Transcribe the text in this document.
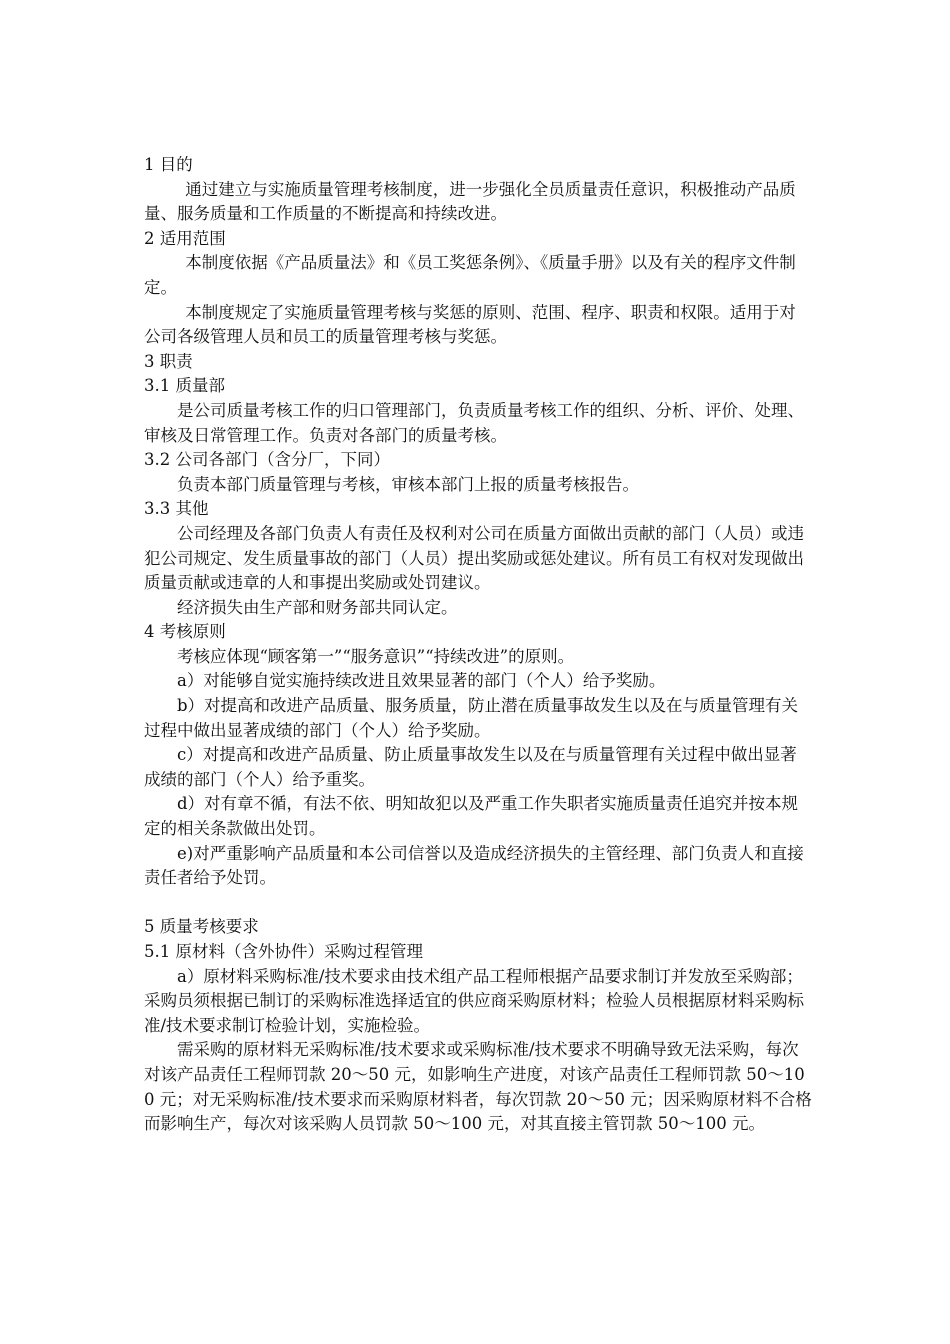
1 目的

通过建立与实施质量管理考核制度，进一步强化全员质量责任意识，积极推动产品质量、服务质量和工作质量的不断提高和持续改进。

2 适用范围

本制度依据《产品质量法》和《员工奖惩条例》、《质量手册》以及有关的程序文件制定。

本制度规定了实施质量管理考核与奖惩的原则、范围、程序、职责和权限。适用于对公司各级管理人员和员工的质量管理考核与奖惩。

3 职责

3.1 质量部

是公司质量考核工作的归口管理部门，负责质量考核工作的组织、分析、评价、处理、审核及日常管理工作。负责对各部门的质量考核。

3.2 公司各部门（含分厂，下同）

负责本部门质量管理与考核，审核本部门上报的质量考核报告。

3.3 其他

公司经理及各部门负责人有责任及权利对公司在质量方面做出贡献的部门（人员）或违犯公司规定、发生质量事故的部门（人员）提出奖励或惩处建议。所有员工有权对发现做出质量贡献或违章的人和事提出奖励或处罚建议。

经济损失由生产部和财务部共同认定。

4 考核原则

考核应体现“顾客第一”“服务意识”“持续改进”的原则。

a）对能够自觉实施持续改进且效果显著的部门（个人）给予奖励。

b）对提高和改进产品质量、服务质量，防止潜在质量事故发生以及在与质量管理有关过程中做出显著成绩的部门（个人）给予奖励。

c）对提高和改进产品质量、防止质量事故发生以及在与质量管理有关过程中做出显著成绩的部门（个人）给予重奖。

d）对有章不循，有法不依、明知故犯以及严重工作失职者实施质量责任追究并按本规定的相关条款做出处罚。

e)对严重影响产品质量和本公司信誉以及造成经济损失的主管经理、部门负责人和直接责任者给予处罚。

5 质量考核要求

5.1 原材料（含外协件）采购过程管理

a）原材料采购标准/技术要求由技术组产品工程师根据产品要求制订并发放至采购部；采购员须根据已制订的采购标准选择适宜的供应商采购原材料；检验人员根据原材料采购标准/技术要求制订检验计划，实施检验。

需采购的原材料无采购标准/技术要求或采购标准/技术要求不明确导致无法采购，每次对该产品责任工程师罚款 20～50 元，如影响生产进度，对该产品责任工程师罚款 50～100 元；对无采购标准/技术要求而采购原材料者，每次罚款 20～50 元；因采购原材料不合格而影响生产，每次对该采购人员罚款 50～100 元，对其直接主管罚款 50～100 元。
